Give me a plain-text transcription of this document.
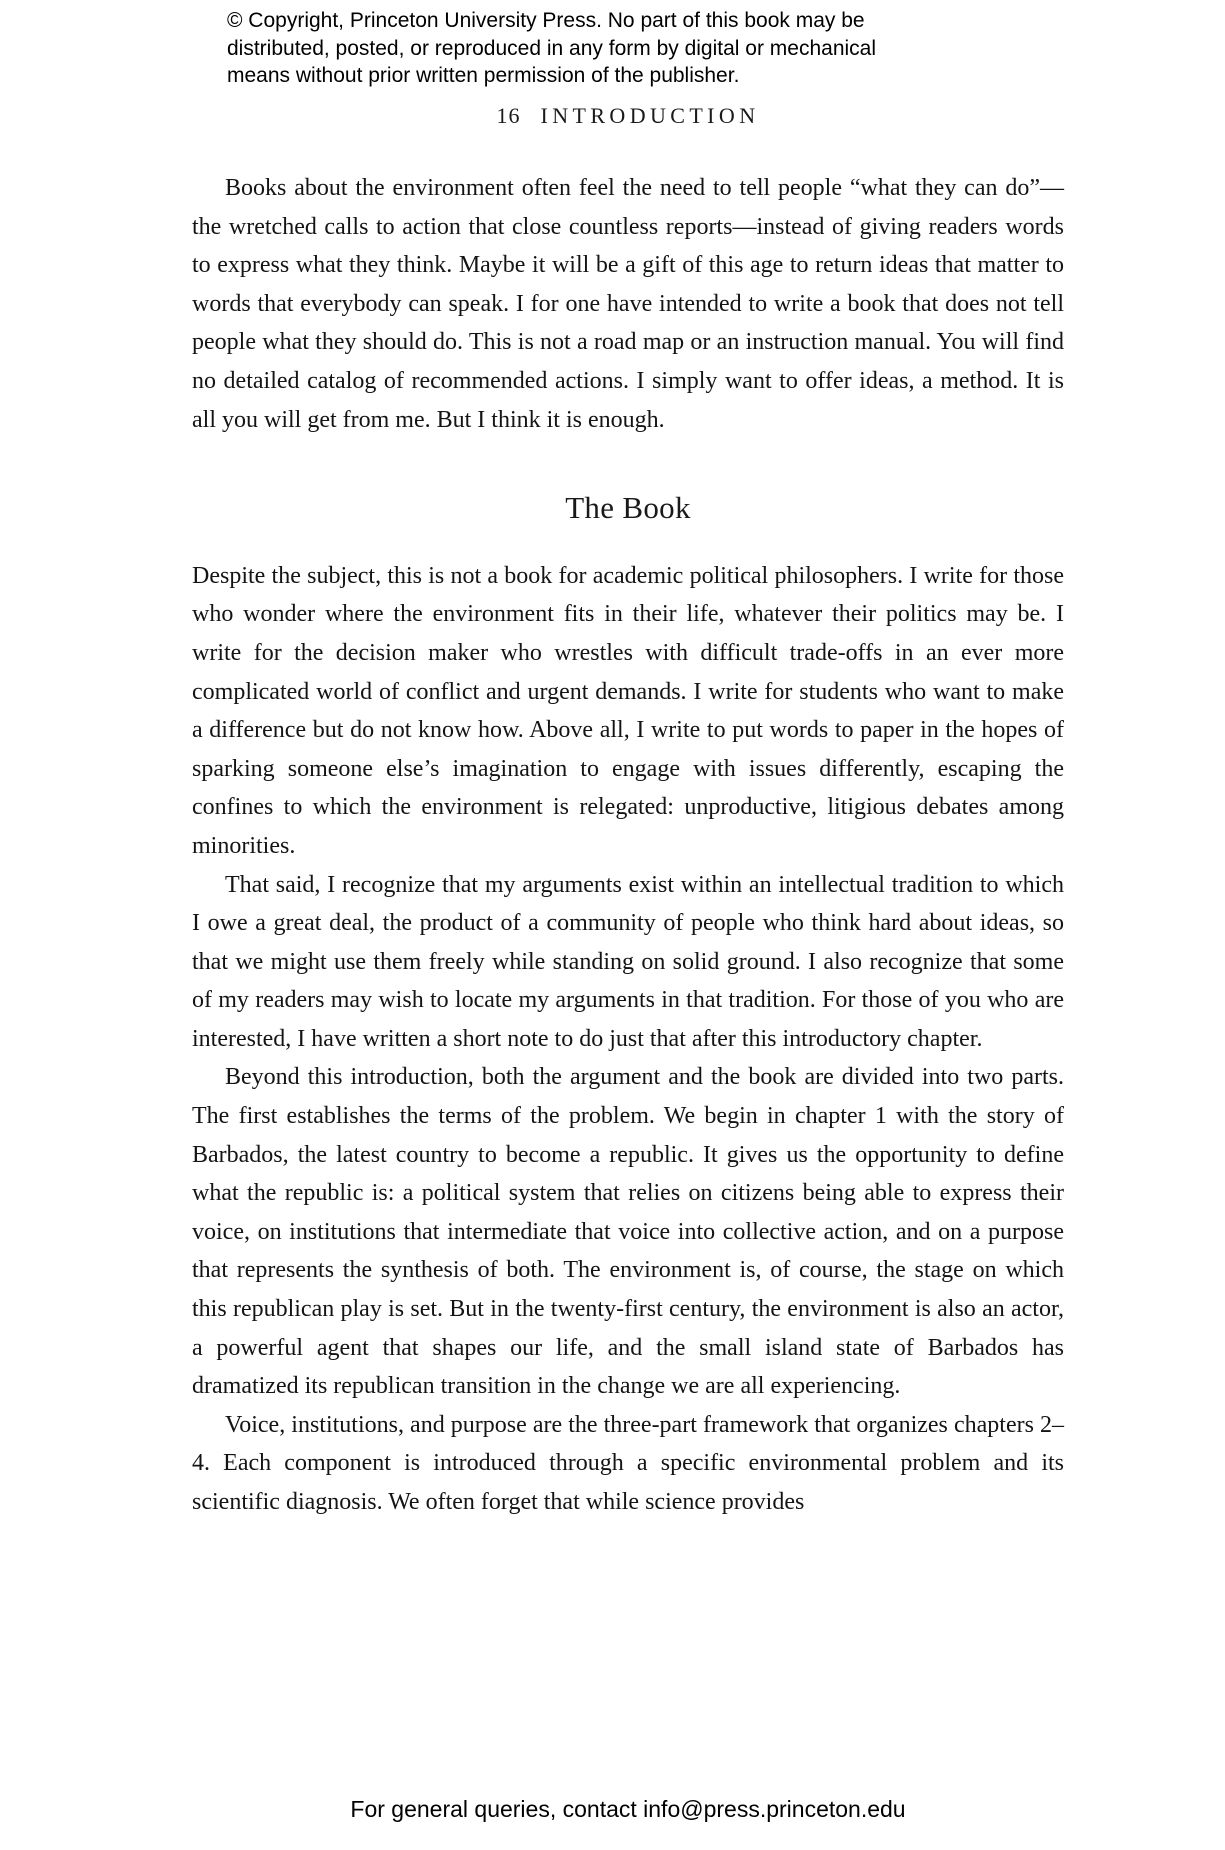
© Copyright, Princeton University Press. No part of this book may be
distributed, posted, or reproduced in any form by digital or mechanical
means without prior written permission of the publisher.
16 INTRODUCTION

Books about the environment often feel the need to tell people “what they can do”—the wretched calls to action that close countless reports—instead of giving readers words to express what they think. Maybe it will be a gift of this age to return ideas that matter to words that everybody can speak. I for one have intended to write a book that does not tell people what they should do. This is not a road map or an instruction manual. You will find no detailed catalog of recommended actions. I simply want to offer ideas, a method. It is all you will get from me. But I think it is enough.

The Book

Despite the subject, this is not a book for academic political philosophers. I write for those who wonder where the environment fits in their life, whatever their politics may be. I write for the decision maker who wrestles with difficult trade-offs in an ever more complicated world of conflict and urgent demands. I write for students who want to make a difference but do not know how. Above all, I write to put words to paper in the hopes of sparking someone else’s imagination to engage with issues differently, escaping the confines to which the environment is relegated: unproductive, litigious debates among minorities.

That said, I recognize that my arguments exist within an intellectual tradition to which I owe a great deal, the product of a community of people who think hard about ideas, so that we might use them freely while standing on solid ground. I also recognize that some of my readers may wish to locate my arguments in that tradition. For those of you who are interested, I have written a short note to do just that after this introductory chapter.

Beyond this introduction, both the argument and the book are divided into two parts. The first establishes the terms of the problem. We begin in chapter 1 with the story of Barbados, the latest country to become a republic. It gives us the opportunity to define what the republic is: a political system that relies on citizens being able to express their voice, on institutions that intermediate that voice into collective action, and on a purpose that represents the synthesis of both. The environment is, of course, the stage on which this republican play is set. But in the twenty-first century, the environment is also an actor, a powerful agent that shapes our life, and the small island state of Barbados has dramatized its republican transition in the change we are all experiencing.

Voice, institutions, and purpose are the three-part framework that organizes chapters 2–4. Each component is introduced through a specific environmental problem and its scientific diagnosis. We often forget that while science provides

For general queries, contact info@press.princeton.edu
